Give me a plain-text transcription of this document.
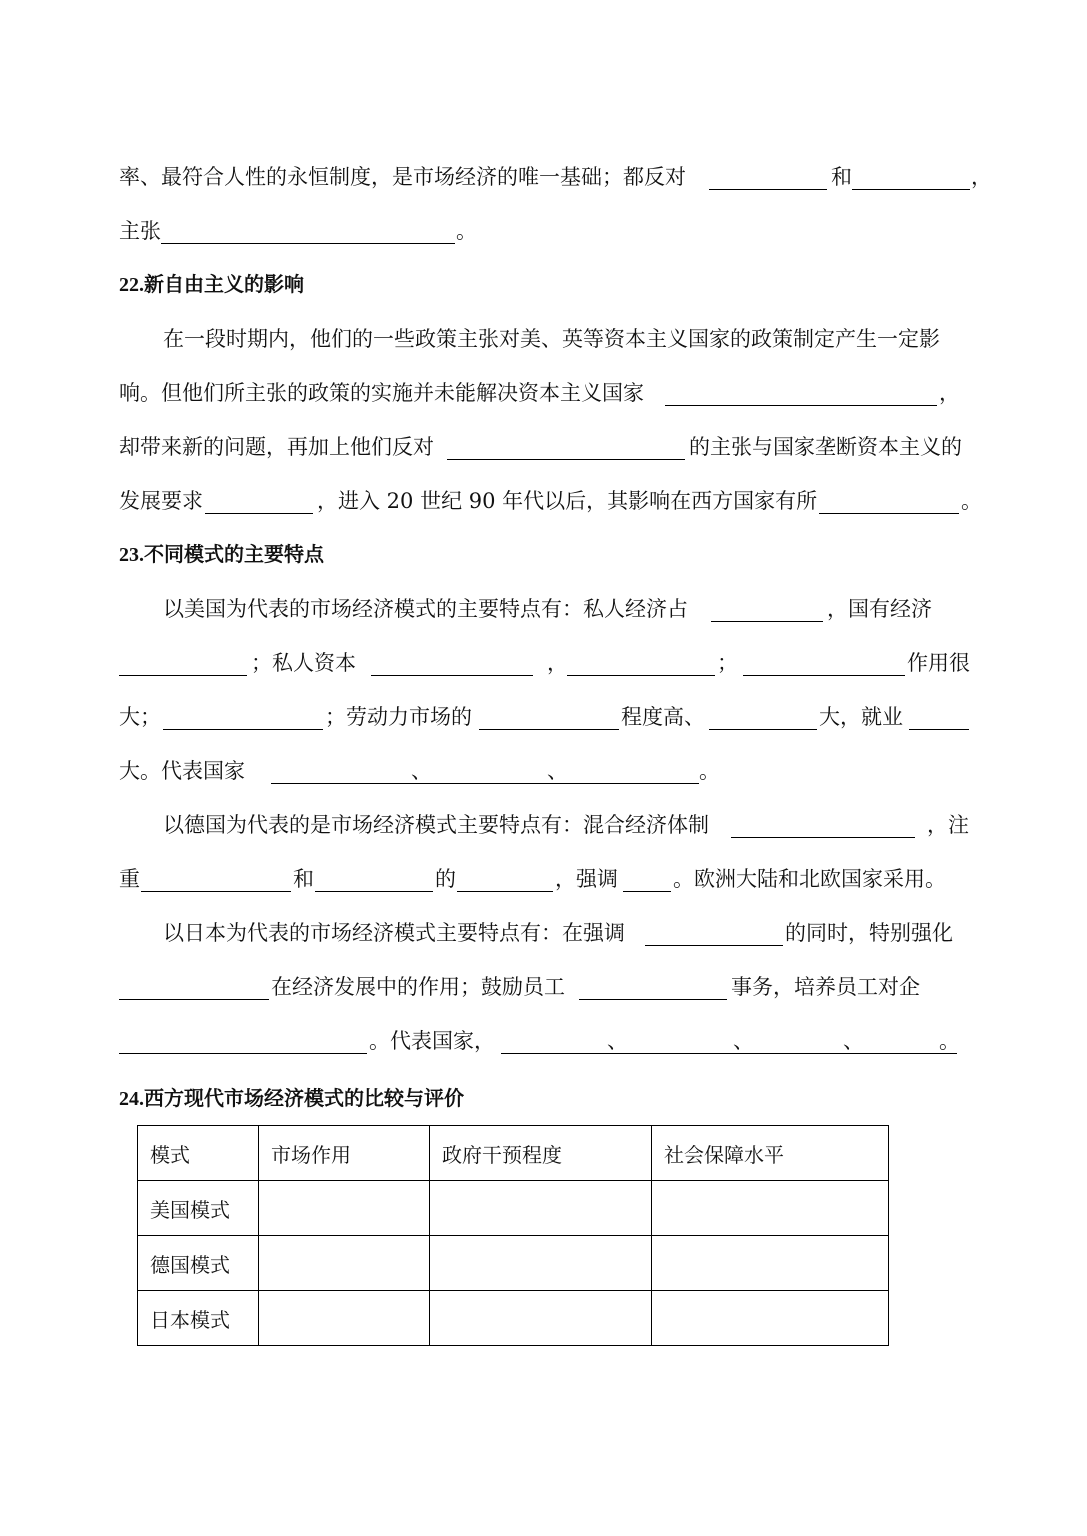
率、最符合人性的永恒制度，是市场经济的唯一基础；都反对	和	，
主张	。
22.新自由主义的影响
在一段时期内，他们的一些政策主张对美、英等资本主义国家的政策制定产生一定影
响。但他们所主张的政策的实施并未能解决资本主义国家	，
却带来新的问题，再加上他们反对	的主张与国家垄断资本主义的
发展要求	，进入 20 世纪 90 年代以后，其影响在西方国家有所	。
23.不同模式的主要特点
以美国为代表的市场经济模式的主要特点有：私人经济占	，国有经济
；私人资本	，	；	作用很
大；	；劳动力市场的	程度高、	大，就业
大。代表国家	、	、	。
以德国为代表的是市场经济模式主要特点有：混合经济体制	，注
重	和	的	，强调	。欧洲大陆和北欧国家采用。
以日本为代表的市场经济模式主要特点有：在强调	的同时，特别强化
在经济发展中的作用；鼓励员工	事务，培养员工对企
。代表国家，	、	、	、	。
24.西方现代市场经济模式的比较与评价
模式	市场作用	政府干预程度	社会保障水平
美国模式			
德国模式			
日本模式			
